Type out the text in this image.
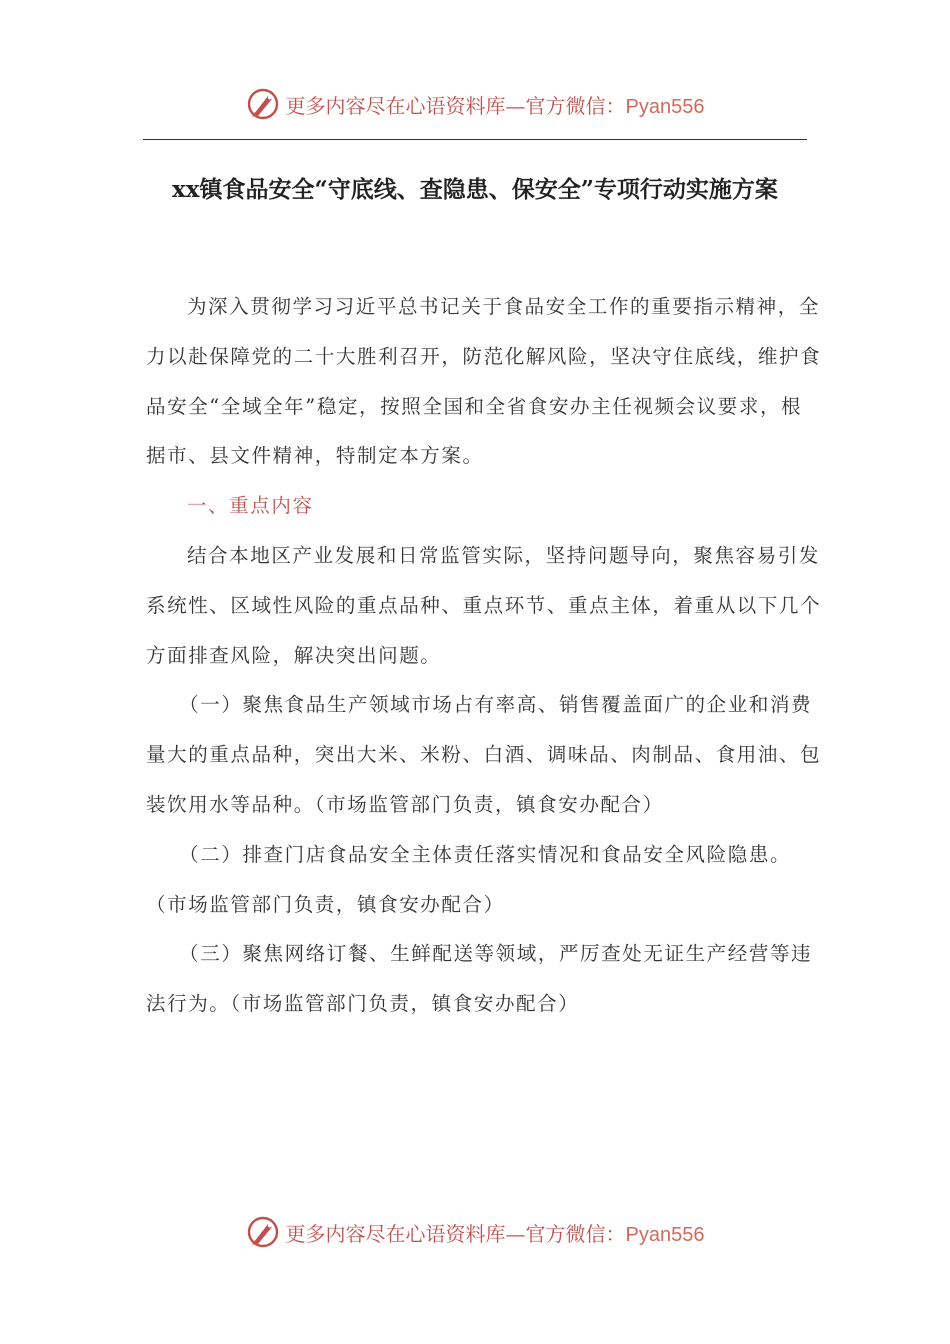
更多内容尽在心语资料库—官方微信：Pyan556
xx镇食品安全“守底线、查隐患、保安全”专项行动实施方案

为深入贯彻学习习近平总书记关于食品安全工作的重要指示精神，全力以赴保障党的二十大胜利召开，防范化解风险，坚决守住底线，维护食品安全“全域全年”稳定，按照全国和全省食安办主任视频会议要求，根据市、县文件精神，特制定本方案。

一、重点内容

结合本地区产业发展和日常监管实际，坚持问题导向，聚焦容易引发系统性、区域性风险的重点品种、重点环节、重点主体，着重从以下几个方面排查风险，解决突出问题。

（一）聚焦食品生产领域市场占有率高、销售覆盖面广的企业和消费量大的重点品种，突出大米、米粉、白酒、调味品、肉制品、食用油、包装饮用水等品种。（市场监管部门负责，镇食安办配合）

（二）排查门店食品安全主体责任落实情况和食品安全风险隐患。（市场监管部门负责，镇食安办配合）

（三）聚焦网络订餐、生鲜配送等领域，严厉查处无证生产经营等违法行为。（市场监管部门负责，镇食安办配合）

更多内容尽在心语资料库—官方微信：Pyan556
